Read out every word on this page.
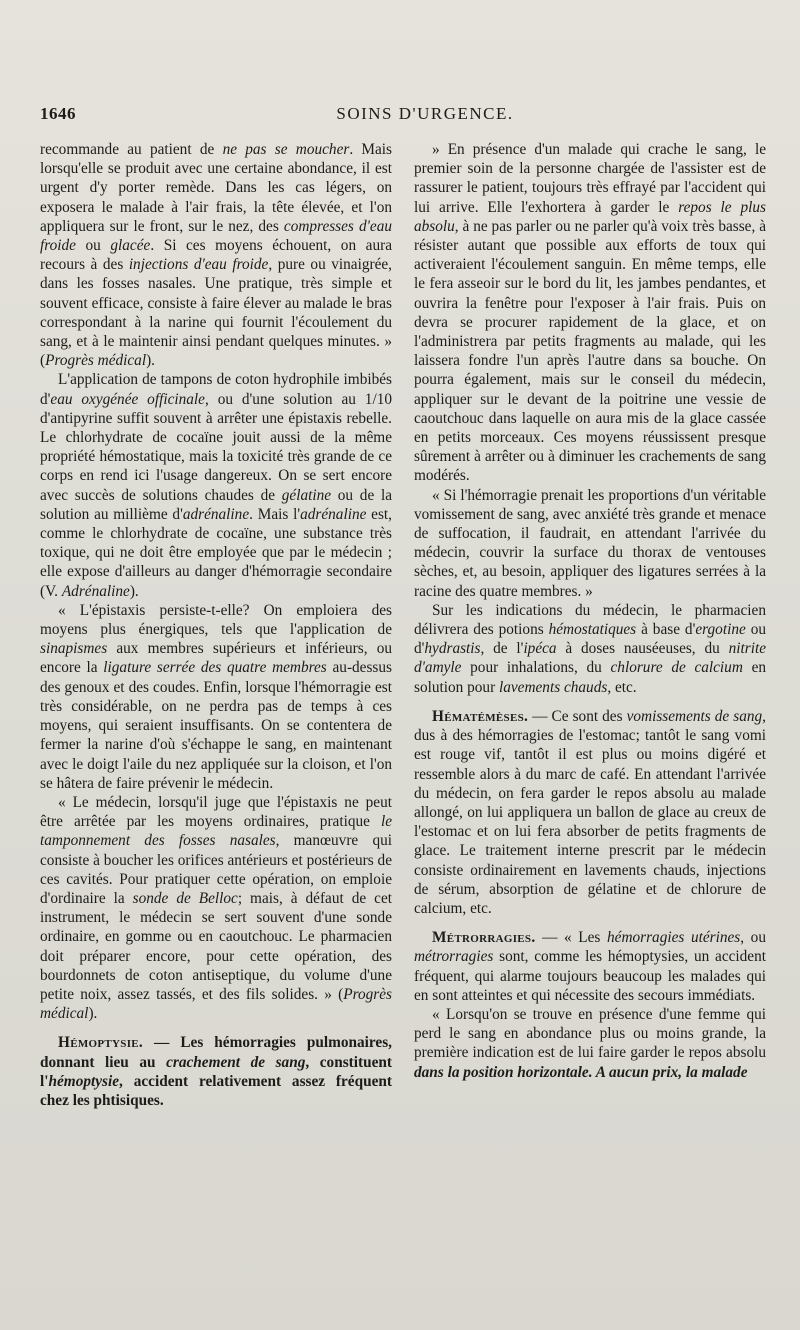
1646	SOINS D'URGENCE.

recommande au patient de ne pas se moucher. Mais lorsqu'elle se produit avec une certaine abondance, il est urgent d'y porter remède. Dans les cas légers, on exposera le malade à l'air frais, la tête élevée, et l'on appliquera sur le front, sur le nez, des compresses d'eau froide ou glacée. Si ces moyens échouent, on aura recours à des injections d'eau froide, pure ou vinaigrée, dans les fosses nasales. Une pratique, très simple et souvent efficace, consiste à faire élever au malade le bras correspondant à la narine qui fournit l'écoulement du sang, et à le maintenir ainsi pendant quelques minutes. » (Progrès médical).

L'application de tampons de coton hydrophile imbibés d'eau oxygénée officinale, ou d'une solution au 1/10 d'antipyrine suffit souvent à arrêter une épistaxis rebelle. Le chlorhydrate de cocaïne jouit aussi de la même propriété hémostatique, mais la toxicité très grande de ce corps en rend ici l'usage dangereux. On se sert encore avec succès de solutions chaudes de gélatine ou de la solution au millième d'adrénaline. Mais l'adrénaline est, comme le chlorhydrate de cocaïne, une substance très toxique, qui ne doit être employée que par le médecin ; elle expose d'ailleurs au danger d'hémorragie secondaire (V. Adrénaline).

« L'épistaxis persiste-t-elle? On emploiera des moyens plus énergiques, tels que l'application de sinapismes aux membres supérieurs et inférieurs, ou encore la ligature serrée des quatre membres au-dessus des genoux et des coudes. Enfin, lorsque l'hémorragie est très considérable, on ne perdra pas de temps à ces moyens, qui seraient insuffisants. On se contentera de fermer la narine d'où s'échappe le sang, en maintenant avec le doigt l'aile du nez appliquée sur la cloison, et l'on se hâtera de faire prévenir le médecin.

« Le médecin, lorsqu'il juge que l'épistaxis ne peut être arrêtée par les moyens ordinaires, pratique le tamponnement des fosses nasales, manœuvre qui consiste à boucher les orifices antérieurs et postérieurs de ces cavités. Pour pratiquer cette opération, on emploie d'ordinaire la sonde de Belloc; mais, à défaut de cet instrument, le médecin se sert souvent d'une sonde ordinaire, en gomme ou en caoutchouc. Le pharmacien doit préparer encore, pour cette opération, des bourdonnets de coton antiseptique, du volume d'une petite noix, assez tassés, et des fils solides. » (Progrès médical).

Hémoptysie. — Les hémorragies pulmonaires, donnant lieu au crachement de sang, constituent l'hémoptysie, accident relativement assez fréquent chez les phtisiques.

» En présence d'un malade qui crache le sang, le premier soin de la personne chargée de l'assister est de rassurer le patient, toujours très effrayé par l'accident qui lui arrive. Elle l'exhortera à garder le repos le plus absolu, à ne pas parler ou ne parler qu'à voix très basse, à résister autant que possible aux efforts de toux qui activeraient l'écoulement sanguin. En même temps, elle le fera asseoir sur le bord du lit, les jambes pendantes, et ouvrira la fenêtre pour l'exposer à l'air frais. Puis on devra se procurer rapidement de la glace, et on l'administrera par petits fragments au malade, qui les laissera fondre l'un après l'autre dans sa bouche. On pourra également, mais sur le conseil du médecin, appliquer sur le devant de la poitrine une vessie de caoutchouc dans laquelle on aura mis de la glace cassée en petits morceaux. Ces moyens réussissent presque sûrement à arrêter ou à diminuer les crachements de sang modérés.

« Si l'hémorragie prenait les proportions d'un véritable vomissement de sang, avec anxiété très grande et menace de suffocation, il faudrait, en attendant l'arrivée du médecin, couvrir la surface du thorax de ventouses sèches, et, au besoin, appliquer des ligatures serrées à la racine des quatre membres. »

Sur les indications du médecin, le pharmacien délivrera des potions hémostatiques à base d'ergotine ou d'hydrastis, de l'ipéca à doses nauséeuses, du nitrite d'amyle pour inhalations, du chlorure de calcium en solution pour lavements chauds, etc.

Hématémèses. — Ce sont des vomissements de sang, dus à des hémorragies de l'estomac; tantôt le sang vomi est rouge vif, tantôt il est plus ou moins digéré et ressemble alors à du marc de café. En attendant l'arrivée du médecin, on fera garder le repos absolu au malade allongé, on lui appliquera un ballon de glace au creux de l'estomac et on lui fera absorber de petits fragments de glace. Le traitement interne prescrit par le médecin consiste ordinairement en lavements chauds, injections de sérum, absorption de gélatine et de chlorure de calcium, etc.

Métrorragies. — « Les hémorragies utérines, ou métrorragies sont, comme les hémoptysies, un accident fréquent, qui alarme toujours beaucoup les malades qui en sont atteintes et qui nécessite des secours immédiats.

« Lorsqu'on se trouve en présence d'une femme qui perd le sang en abondance plus ou moins grande, la première indication est de lui faire garder le repos absolu dans la position horizontale. A aucun prix, la malade
